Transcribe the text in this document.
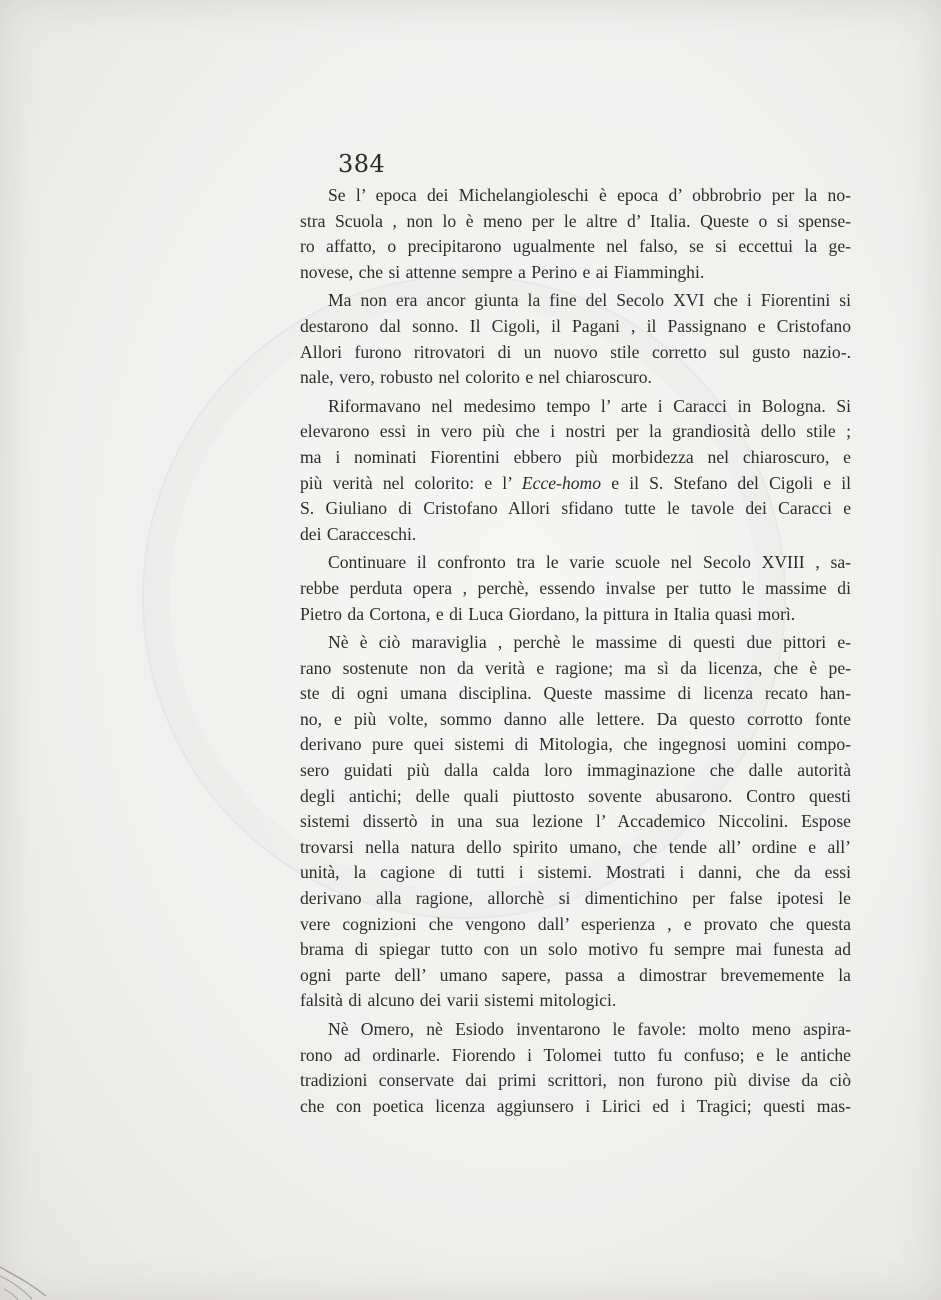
384

Se l’ epoca dei Michelangioleschi è epoca d’ obbrobrio per la no-
stra Scuola , non lo è meno per le altre d’ Italia. Queste o si spense-
ro affatto, o precipitarono ugualmente nel falso, se si eccettui la ge-
novese, che si attenne sempre a Perino e ai Fiamminghi.

Ma non era ancor giunta la fine del Secolo XVI che i Fiorentini si
destarono dal sonno. Il Cigoli, il Pagani , il Passignano e Cristofano
Allori furono ritrovatori di un nuovo stile corretto sul gusto nazio-.
nale, vero, robusto nel colorito e nel chiaroscuro.

Riformavano nel medesimo tempo l’ arte i Caracci in Bologna. Si
elevarono essi in vero più che i nostri per la grandiosità dello stile ;
ma i nominati Fiorentini ebbero più morbidezza nel chiaroscuro, e
più verità nel colorito: e l’ Ecce-homo e il S. Stefano del Cigoli e il
S. Giuliano di Cristofano Allori sfidano tutte le tavole dei Caracci e
dei Caracceschi.

Continuare il confronto tra le varie scuole nel Secolo XVIII , sa-
rebbe perduta opera , perchè, essendo invalse per tutto le massime di
Pietro da Cortona, e di Luca Giordano, la pittura in Italia quasi morì.

Nè è ciò maraviglia , perchè le massime di questi due pittori e-
rano sostenute non da verità e ragione; ma sì da licenza, che è pe-
ste di ogni umana disciplina. Queste massime di licenza recato han-
no, e più volte, sommo danno alle lettere. Da questo corrotto fonte
derivano pure quei sistemi di Mitologia, che ingegnosi uomini compo-
sero guidati più dalla calda loro immaginazione che dalle autorità
degli antichi; delle quali piuttosto sovente abusarono. Contro questi
sistemi dissertò in una sua lezione l’ Accademico Niccolini. Espose
trovarsi nella natura dello spirito umano, che tende all’ ordine e all’
unità, la cagione di tutti i sistemi. Mostrati i danni, che da essi
derivano alla ragione, allorchè si dimentichino per false ipotesi le
vere cognizioni che vengono dall’ esperienza , e provato che questa
brama di spiegar tutto con un solo motivo fu sempre mai funesta ad
ogni parte dell’ umano sapere, passa a dimostrar brevememente la
falsità di alcuno dei varii sistemi mitologici.

Nè Omero, nè Esiodo inventarono le favole: molto meno aspira-
rono ad ordinarle. Fiorendo i Tolomei tutto fu confuso; e le antiche
tradizioni conservate dai primi scrittori, non furono più divise da ciò
che con poetica licenza aggiunsero i Lirici ed i Tragici; questi mas-
